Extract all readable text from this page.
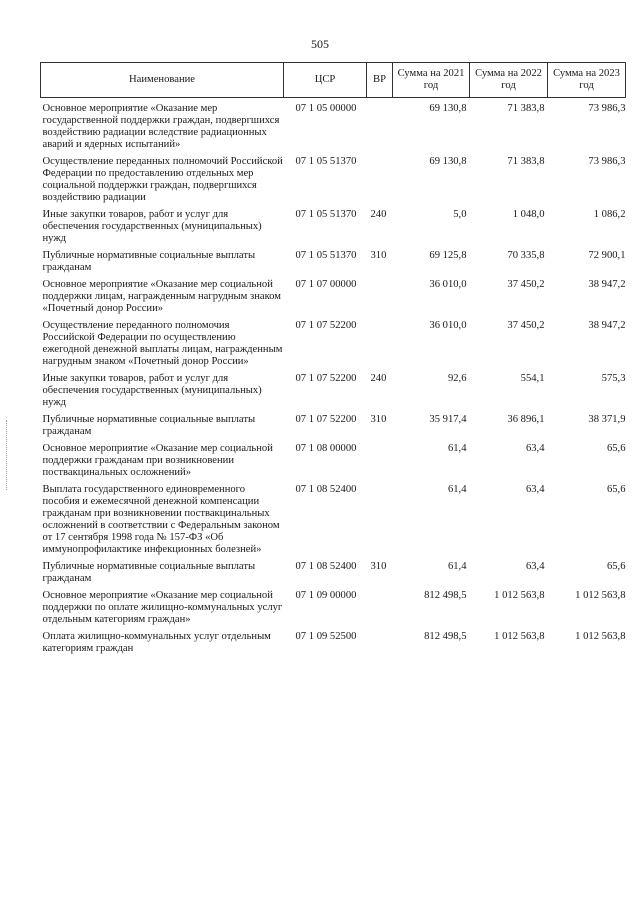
505
Наименование	ЦСР	ВР	Сумма на 2021 год	Сумма на 2022 год	Сумма на 2023 год
Основное мероприятие «Оказание мер государственной поддержки граждан, подвергшихся воздействию радиации вследствие радиационных аварий и ядерных испытаний»	07 1 05 00000		69 130,8	71 383,8	73 986,3
Осуществление переданных полномочий Российской Федерации по предоставлению отдельных мер социальной поддержки граждан, подвергшихся воздействию радиации	07 1 05 51370		69 130,8	71 383,8	73 986,3
Иные закупки товаров, работ и услуг для обеспечения государственных (муниципальных) нужд	07 1 05 51370	240	5,0	1 048,0	1 086,2
Публичные нормативные социальные выплаты гражданам	07 1 05 51370	310	69 125,8	70 335,8	72 900,1
Основное мероприятие «Оказание мер социальной поддержки лицам, награжденным нагрудным знаком «Почетный донор России»	07 1 07 00000		36 010,0	37 450,2	38 947,2
Осуществление переданного полномочия Российской Федерации по осуществлению ежегодной денежной выплаты лицам, награжденным нагрудным знаком «Почетный донор России»	07 1 07 52200		36 010,0	37 450,2	38 947,2
Иные закупки товаров, работ и услуг для обеспечения государственных (муниципальных) нужд	07 1 07 52200	240	92,6	554,1	575,3
Публичные нормативные социальные выплаты гражданам	07 1 07 52200	310	35 917,4	36 896,1	38 371,9
Основное мероприятие «Оказание мер социальной поддержки гражданам при возникновении поствакцинальных осложнений»	07 1 08 00000		61,4	63,4	65,6
Выплата государственного единовременного пособия и ежемесячной денежной компенсации гражданам при возникновении поствакцинальных осложнений в соответствии с Федеральным законом от 17 сентября 1998 года № 157-ФЗ «Об иммунопрофилактике инфекционных болезней»	07 1 08 52400		61,4	63,4	65,6
Публичные нормативные социальные выплаты гражданам	07 1 08 52400	310	61,4	63,4	65,6
Основное мероприятие «Оказание мер социальной поддержки по оплате жилищно-коммунальных услуг отдельным категориям граждан»	07 1 09 00000		812 498,5	1 012 563,8	1 012 563,8
Оплата жилищно-коммунальных услуг отдельным категориям граждан	07 1 09 52500		812 498,5	1 012 563,8	1 012 563,8
